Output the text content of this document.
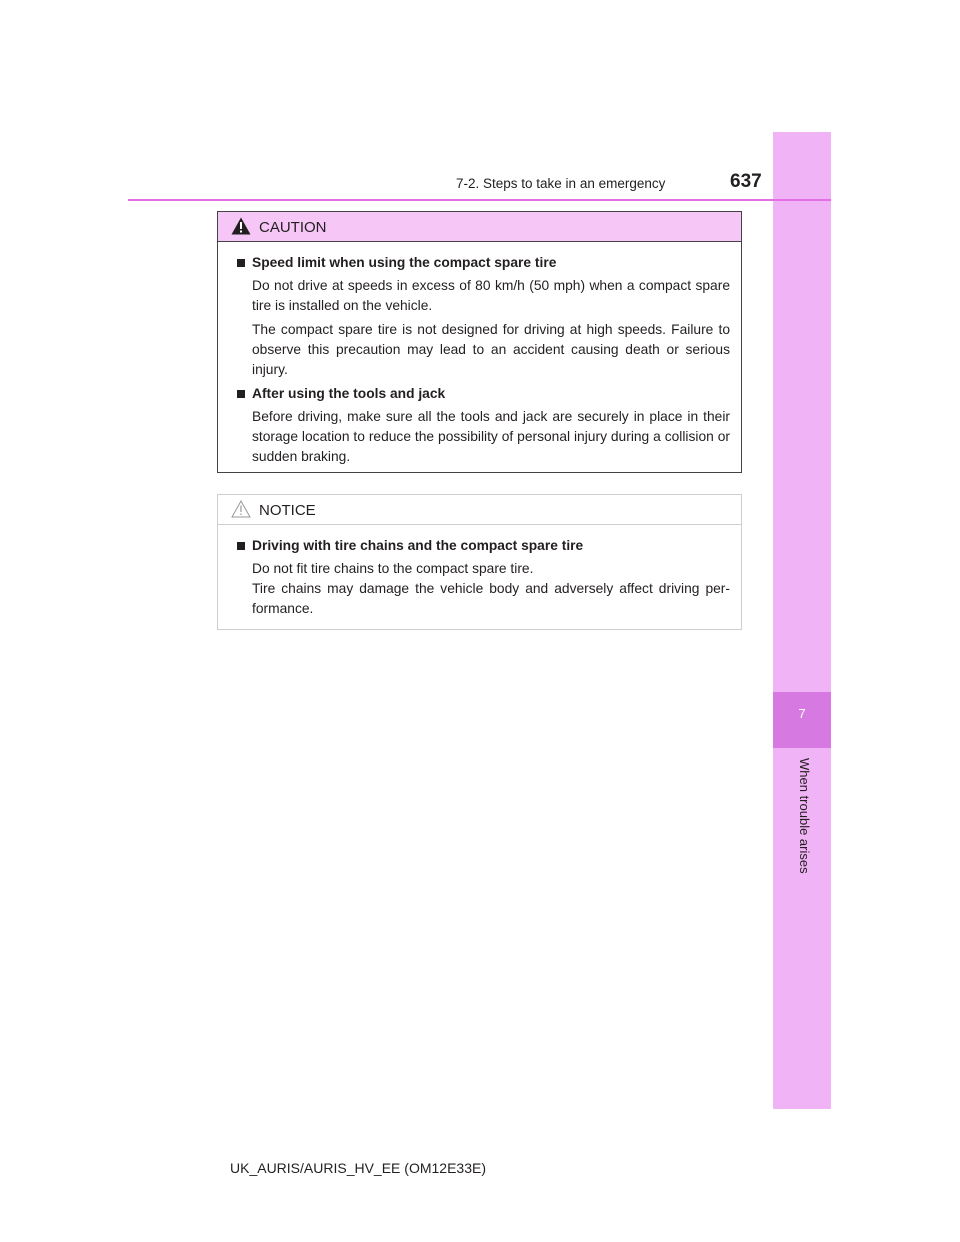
7
When trouble arises
7-2. Steps to take in an emergency	637
CAUTION
Speed limit when using the compact spare tire
Do not drive at speeds in excess of 80 km/h (50 mph) when a compact spare tire is installed on the vehicle.
The compact spare tire is not designed for driving at high speeds. Failure to observe this precaution may lead to an accident causing death or serious injury.
After using the tools and jack
Before driving, make sure all the tools and jack are securely in place in their storage location to reduce the possibility of personal injury during a collision or sudden braking.
NOTICE
Driving with tire chains and the compact spare tire
Do not fit tire chains to the compact spare tire.
Tire chains may damage the vehicle body and adversely affect driving per-formance.
UK_AURIS/AURIS_HV_EE (OM12E33E)
